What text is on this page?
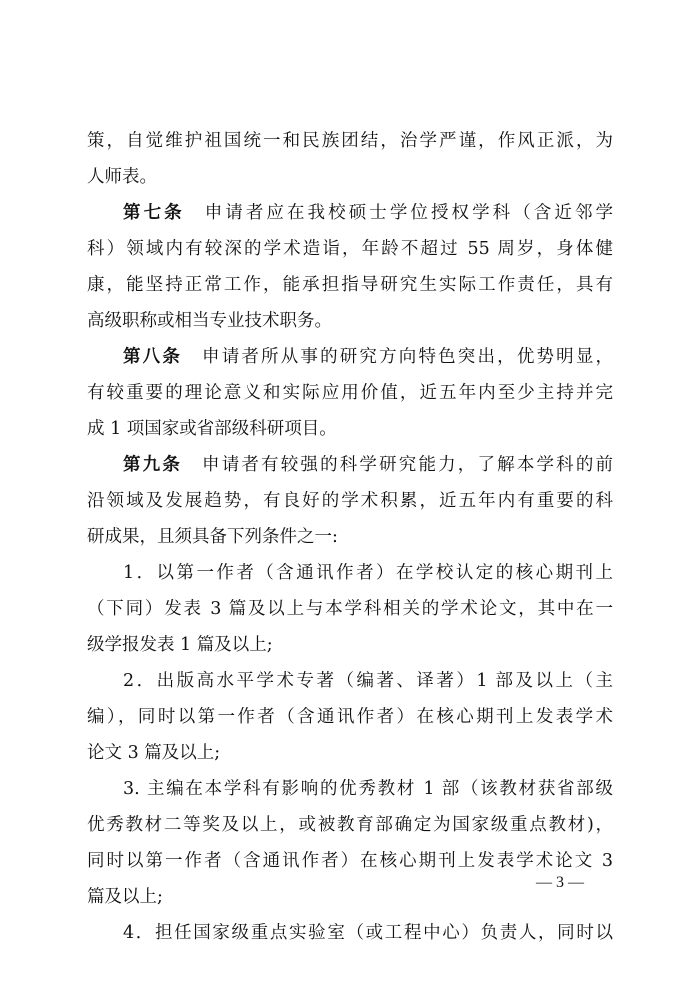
策，自觉维护祖国统一和民族团结，治学严谨，作风正派，为
人师表。
第七条 申请者应在我校硕士学位授权学科（含近邻学
科）领域内有较深的学术造诣，年龄不超过 55 周岁，身体健
康，能坚持正常工作，能承担指导研究生实际工作责任，具有
高级职称或相当专业技术职务。
第八条 申请者所从事的研究方向特色突出，优势明显，
有较重要的理论意义和实际应用价值，近五年内至少主持并完
成 1 项国家或省部级科研项目。
第九条 申请者有较强的科学研究能力，了解本学科的前
沿领域及发展趋势，有良好的学术积累，近五年内有重要的科
研成果，且须具备下列条件之一:
1．以第一作者（含通讯作者）在学校认定的核心期刊上
（下同）发表 3 篇及以上与本学科相关的学术论文，其中在一
级学报发表 1 篇及以上;
2．出版高水平学术专著（编著、译著）1 部及以上（主
编），同时以第一作者（含通讯作者）在核心期刊上发表学术
论文 3 篇及以上;
3. 主编在本学科有影响的优秀教材 1 部（该教材获省部级
优秀教材二等奖及以上，或被教育部确定为国家级重点教材)，
同时以第一作者（含通讯作者）在核心期刊上发表学术论文 3
篇及以上;
4．担任国家级重点实验室（或工程中心）负责人，同时以
— 3 —
